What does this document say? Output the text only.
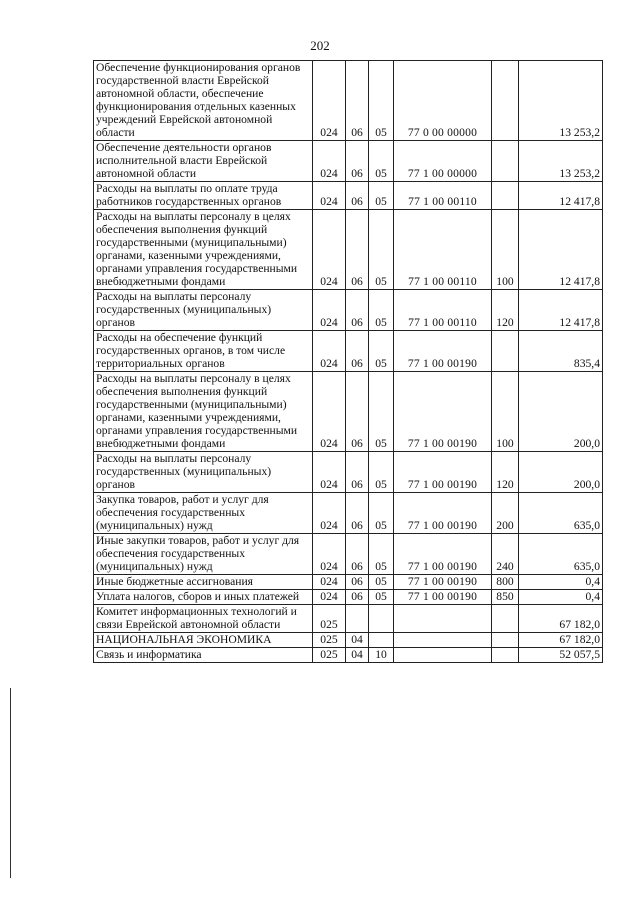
202
Обеспечение функционирования органов государственной власти Еврейской автономной области, обеспечение функционирования отдельных казенных учреждений Еврейской автономной области	024	06	05	77 0 00 00000		13 253,2
Обеспечение деятельности органов исполнительной власти Еврейской автономной области	024	06	05	77 1 00 00000		13 253,2
Расходы на выплаты по оплате труда работников государственных органов	024	06	05	77 1 00 00110		12 417,8
Расходы на выплаты персоналу в целях обеспечения выполнения функций государственными (муниципальными) органами, казенными учреждениями, органами управления государственными внебюджетными фондами	024	06	05	77 1 00 00110	100	12 417,8
Расходы на выплаты персоналу государственных (муниципальных) органов	024	06	05	77 1 00 00110	120	12 417,8
Расходы на обеспечение функций государственных органов, в том числе территориальных органов	024	06	05	77 1 00 00190		835,4
Расходы на выплаты персоналу в целях обеспечения выполнения функций государственными (муниципальными) органами, казенными учреждениями, органами управления государственными внебюджетными фондами	024	06	05	77 1 00 00190	100	200,0
Расходы на выплаты персоналу государственных (муниципальных) органов	024	06	05	77 1 00 00190	120	200,0
Закупка товаров, работ и услуг для обеспечения государственных (муниципальных) нужд	024	06	05	77 1 00 00190	200	635,0
Иные закупки товаров, работ и услуг для обеспечения государственных (муниципальных) нужд	024	06	05	77 1 00 00190	240	635,0
Иные бюджетные ассигнования	024	06	05	77 1 00 00190	800	0,4
Уплата налогов, сборов и иных платежей	024	06	05	77 1 00 00190	850	0,4
Комитет информационных технологий и связи Еврейской автономной области	025					67 182,0
НАЦИОНАЛЬНАЯ ЭКОНОМИКА	025	04				67 182,0
Связь и информатика	025	04	10			52 057,5
